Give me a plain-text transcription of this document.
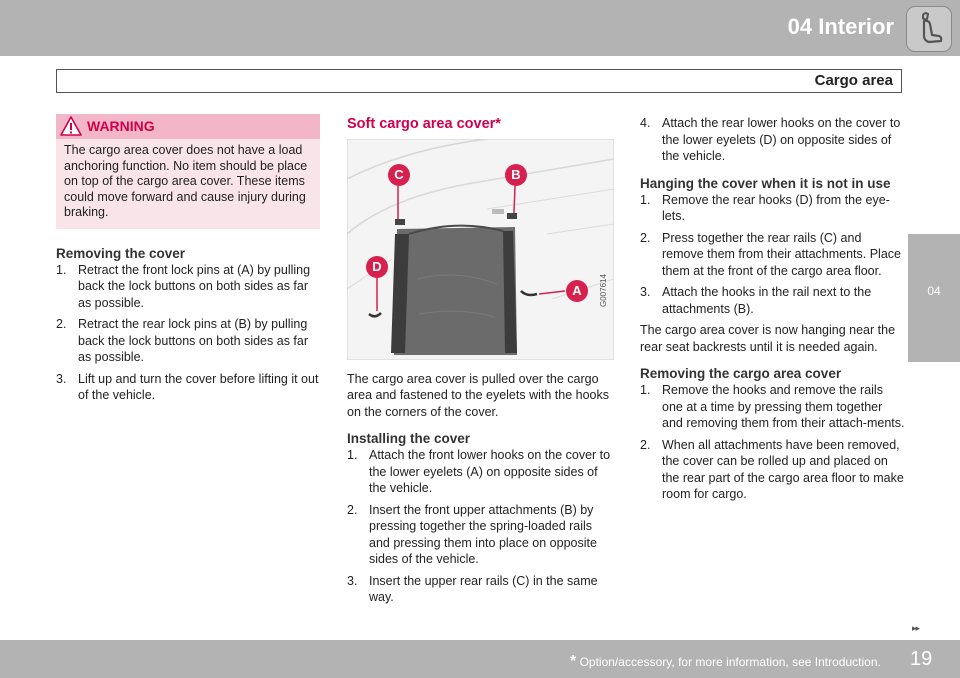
04 Interior
Cargo area
04
WARNING
The cargo area cover does not have a load anchoring function. No item should be place on top of the cargo area cover. These items could move forward and cause injury during braking.
Removing the cover
1. Retract the front lock pins at (A) by pulling back the lock buttons on both sides as far as possible.
2. Retract the rear lock pins at (B) by pulling back the lock buttons on both sides as far as possible.
3. Lift up and turn the cover before lifting it out of the vehicle.
Soft cargo area cover*
C	B
D
A	G007614

The cargo area cover is pulled over the cargo area and fastened to the eyelets with the hooks on the corners of the cover.

Installing the cover
1. Attach the front lower hooks on the cover to the lower eyelets (A) on opposite sides of the vehicle.
2. Insert the front upper attachments (B) by pressing together the spring-loaded rails and pressing them into place on opposite sides of the vehicle.
3. Insert the upper rear rails (C) in the same way.
4. Attach the rear lower hooks on the cover to the lower eyelets (D) on opposite sides of the vehicle.
Hanging the cover when it is not in use
1. Remove the rear hooks (D) from the eye-lets.
2. Press together the rear rails (C) and remove them from their attachments. Place them at the front of the cargo area floor.
3. Attach the hooks in the rail next to the attachments (B).

The cargo area cover is now hanging near the rear seat backrests until it is needed again.

Removing the cargo area cover
1. Remove the hooks and remove the rails one at a time by pressing them together and removing them from their attach-ments.
2. When all attachments have been removed, the cover can be rolled up and placed on the rear part of the cargo area floor to make room for cargo.
▸▸
* Option/accessory, for more information, see Introduction. 19
